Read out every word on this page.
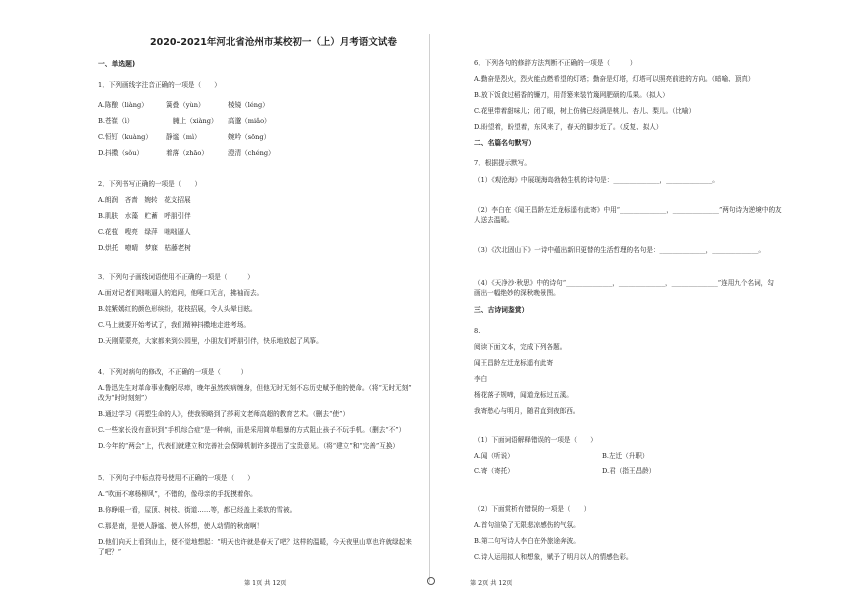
2020-2021年河北省沧州市某校初一（上）月考语文试卷
一、单选题)
1．下列画线字注音正确的一项是（　　）
A.陈酿（liàng）	簧叠（yùn）	棱镜（léng）
B.苍崔（ì）	臃上（xiàng） 高邈（miǎo）
C.恒钉（kuàng） 静谧（mì）	婉吟（sōng）
D.抖擞（sǒu）	着落（zhāo）	澄清（chéng）
2．下列书写正确的一项是（　　）
A.朗润　吝啬　婉转　花支招展
B.肌肤　水藻　贮蓄　呼朋引伴
C.花苞　嗖亮　绿萍　咄咄逼人
D.烘托　嘹晴　梦寐　枯藤老树
3．下列句子画线词语使用不正确的一项是（　　　）
A.面对记者们咄咄逼人的追问，他哑口无言，拂袖而去。
B.姹紫嫣红的颜色形缤纷，花枝招展，令人头晕目眩。
C.马上就要开始考试了，我们精神抖擞地走进考场。
D.天刚蒙蒙亮，大家都来到公园里，小朋友们呼朋引伴，快乐地放起了风筝。
4．下列对病句的修改，不正确的一项是（　　　）
A.鲁迅先生对革命事业鞠躬尽瘁，晚年虽然疾病缠身，但他无时无刻不忘历史赋予他的使命。（将“无时无刻”
改为“时时刻刻”）
B.通过学习《再塑生命的人》，使我领略到了莎莉文老师高超的教育艺术。（删去“使”）
C.一些家长没有意识到“手机综合症”是一种病，而是采用简单粗暴的方式阻止孩子不玩手机。（删去“不”）
D.今年的“两会”上，代表们就建立和完善社会保障机制许多提出了宝贵意见。（将“建立”和“完善”互换）
5．下列句子中标点符号使用不正确的一项是（　　）
A.“吹面不寒杨柳风”，不错的，像母亲的手抚摸着你。
B.你睁眼一看，屋顶、树枝、街道……等，都已经盖上柔软的雪被。
C.那是南，是使人静谧、使人怀想，使人动情的秋南啊！
D.他们向天上看到山上，便不觉地想起：“明天也许就是春天了吧？这样的温暖，今天夜里山草也许就绿起来
了吧？”
第 1页 共 12页
6．下列各句的修辞方法判断不正确的一项是（　　　）
A.勤奋是烈火，烈火能点燃希望的灯塔；勤奋是灯塔，灯塔可以照亮前进的方向。（暗喻、顶真）
B.放下饭食过稻香的镰刀，用背篓来装竹篾网肥硕的瓜果。（拟人）
C.花里带着甜味儿；闭了眼，树上仿佛已经满是桃儿、杏儿、梨儿。（比喻）
D.盼望着，盼望着，东风来了，春天的脚步近了。（反复、拟人）
二、名篇名句默写）
7．根据提示默写。
（1）《观沧海》中展现海岛勃勃生机的诗句是：______________，______________。
（2）李白在《闻王昌龄左迁龙标遥有此寄》中用“______________，______________”两句诗为逆境中的友
人送去温暖。
（3）《次北固山下》一诗中蕴出新旧更替的生活哲理的名句是：______________，______________。
（4）《天净沙·秋思》中的诗句“______________，______________，______________”连用九个名词，勾
画出一幅绝妙的深秋晚景图。
三、古诗词鉴赏）
8.
阅读下面文本，完成下列各题。
闻王昌龄左迁龙标遥有此寄
李白
杨花落子规啼，闻道龙标过五溪。
我寄愁心与明月，随君直到夜郎西。
（1）下面词语解释错误的一项是（　　）
A.闻（听说）	B.左迁（升职）
C.寄（寄托）	D.君（指王昌龄）
（2）下面赏析有错误的一项是（　　）
A.首句渲染了无限悲凉感伤的气氛。
B.第二句写诗人李白在外旅途奔波。
C.诗人运用拟人和想象，赋予了明月以人的情感色彩。
第 2页 共 12页
